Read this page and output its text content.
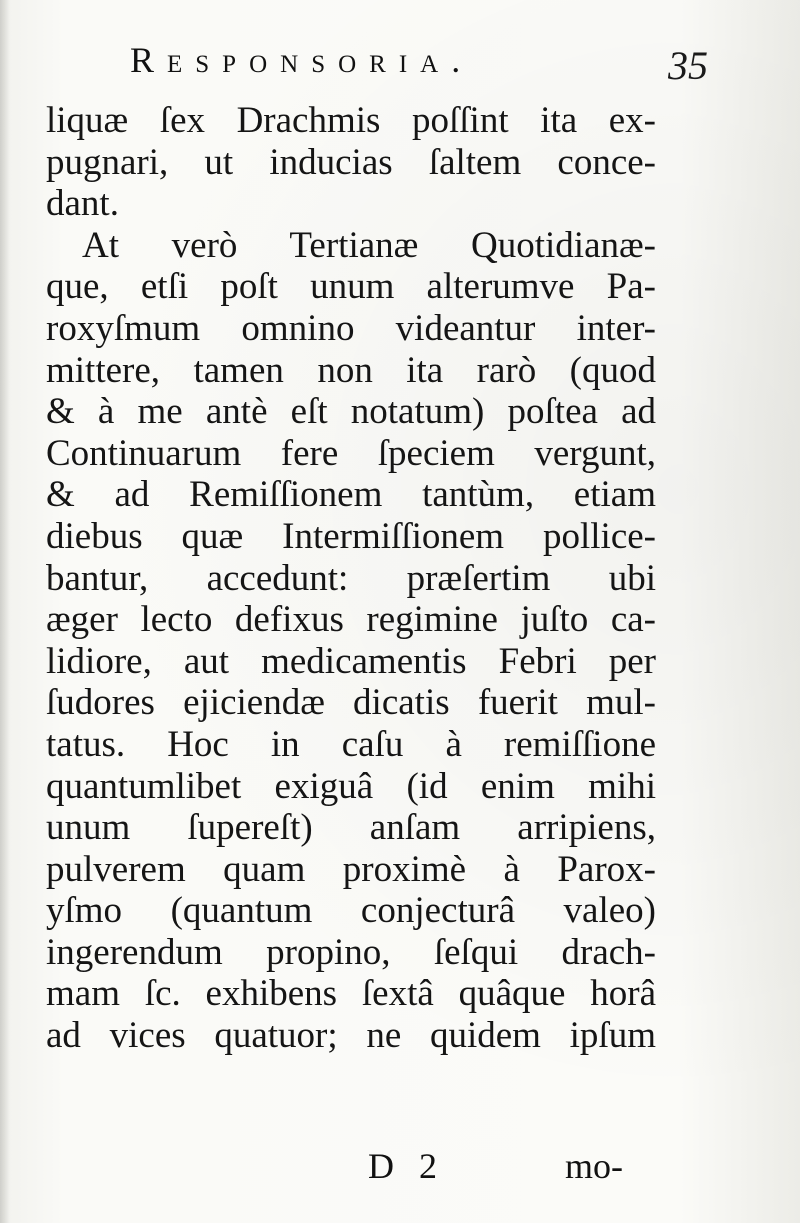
Responsoria.	35
liquæ ſex Drachmis poſſint ita ex-
pugnari, ut inducias ſaltem conce-
dant.
At verò Tertianæ Quotidianæ-
que, etſi poſt unum alterumve Pa-
roxyſmum omnino videantur inter-
mittere, tamen non ita rarò (quod
& à me antè eſt notatum) poſtea ad
Continuarum fere ſpeciem vergunt,
& ad Remiſſionem tantùm, etiam
diebus quæ Intermiſſionem pollice-
bantur, accedunt: præſertim ubi
æger lecto defixus regimine juſto ca-
lidiore, aut medicamentis Febri per
ſudores ejiciendæ dicatis fuerit mul-
tatus. Hoc in caſu à remiſſione
quantumlibet exiguâ (id enim mihi
unum ſupereſt) anſam arripiens,
pulverem quam proximè à Parox-
yſmo (quantum conjecturâ valeo)
ingerendum propino, ſeſqui drach-
mam ſc. exhibens ſextâ quâque horâ
ad vices quatuor; ne quidem ipſum
D 2	mo-
